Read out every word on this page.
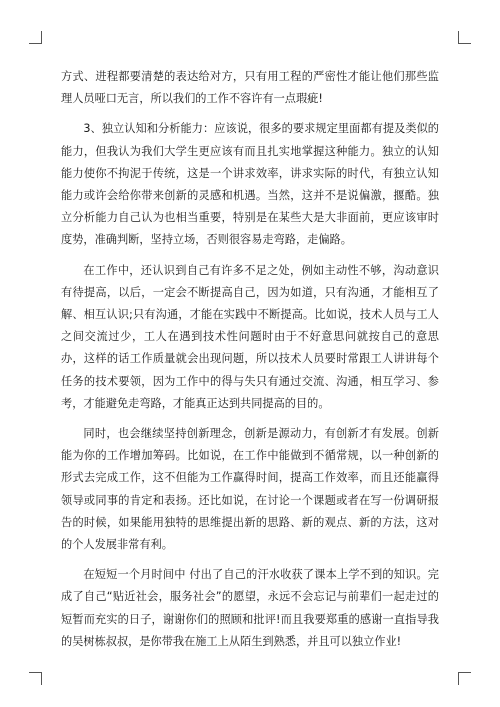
方式、进程都要清楚的表达给对方，只有用工程的严密性才能让他们那些监理人员哑口无言，所以我们的工作不容许有一点瑕疵!

3、独立认知和分析能力：应该说，很多的要求规定里面都有提及类似的能力，但我认为我们大学生更应该有而且扎实地掌握这种能力。独立的认知能力使你不拘泥于传统，这是一个讲求效率，讲求实际的时代，有独立认知能力或许会给你带来创新的灵感和机遇。当然，这并不是说偏激，揠酷。独立分析能力自己认为也相当重要，特别是在某些大是大非面前，更应该审时度势，准确判断，坚持立场，否则很容易走弯路，走偏路。

在工作中，还认识到自己有许多不足之处，例如主动性不够，沟动意识有待提高，以后，一定会不断提高自己，因为如道，只有沟通，才能相互了解、相互认识;只有沟通，才能在实践中不断提高。比如说，技术人员与工人之间交流过少，工人在遇到技术性问题时由于不好意思问就按自己的意思办，这样的话工作质量就会出现问题，所以技术人员要时常跟工人讲讲每个任务的技术要领，因为工作中的得与失只有通过交流、沟通，相互学习、参考，才能避免走弯路，才能真正达到共同提高的目的。

同时，也会继续坚持创新理念，创新是源动力，有创新才有发展。创新能为你的工作增加筹码。比如说，在工作中能做到不循常规，以一种创新的形式去完成工作，这不但能为工作赢得时间，提高工作效率，而且还能赢得领导或同事的肯定和表扬。还比如说，在讨论一个课题或者在写一份调研报告的时候，如果能用独特的思维提出新的思路、新的观点、新的方法，这对的个人发展非常有利。

在短短一个月时间中 付出了自己的汗水收获了课本上学不到的知识。完成了自己“贴近社会，服务社会”的愿望，永远不会忘记与前辈们一起走过的短暂而充实的日子，谢谢你们的照顾和批评!而且我要郑重的感谢一直指导我的吴树栋叔叔，是你带我在施工上从陌生到熟悉，并且可以独立作业!
